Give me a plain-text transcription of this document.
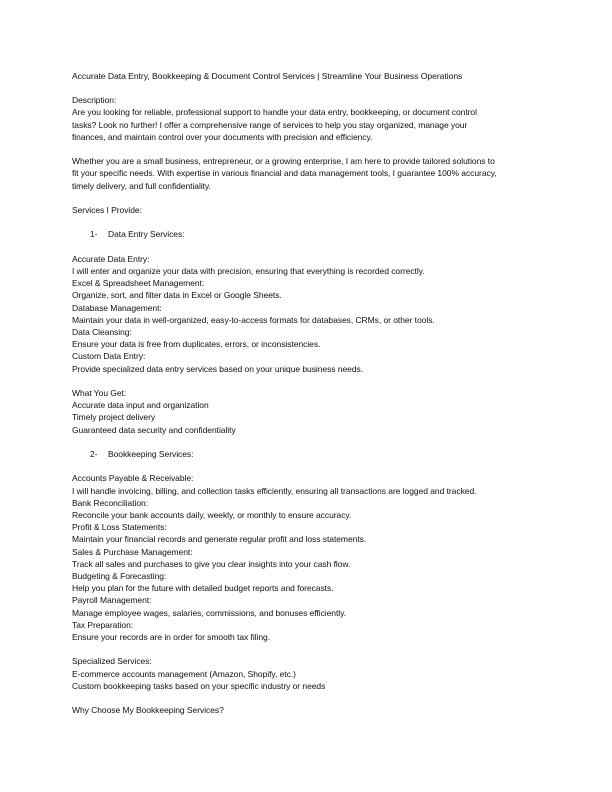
Accurate Data Entry, Bookkeeping & Document Control Services | Streamline Your Business Operations
Description:
Are you looking for reliable, professional support to handle your data entry, bookkeeping, or document control
tasks? Look no further! I offer a comprehensive range of services to help you stay organized, manage your
finances, and maintain control over your documents with precision and efficiency.
Whether you are a small business, entrepreneur, or a growing enterprise, I am here to provide tailored solutions to
fit your specific needs. With expertise in various financial and data management tools, I guarantee 100% accuracy,
timely delivery, and full confidentiality.
Services I Provide:
1-	Data Entry Services:
Accurate Data Entry:
I will enter and organize your data with precision, ensuring that everything is recorded correctly.
Excel & Spreadsheet Management:
Organize, sort, and filter data in Excel or Google Sheets.
Database Management:
Maintain your data in well-organized, easy-to-access formats for databases, CRMs, or other tools.
Data Cleansing:
Ensure your data is free from duplicates, errors, or inconsistencies.
Custom Data Entry:
Provide specialized data entry services based on your unique business needs.
What You Get:
Accurate data input and organization
Timely project delivery
Guaranteed data security and confidentiality
2-	Bookkeeping Services:
Accounts Payable & Receivable:
I will handle invoicing, billing, and collection tasks efficiently, ensuring all transactions are logged and tracked.
Bank Reconciliation:
Reconcile your bank accounts daily, weekly, or monthly to ensure accuracy.
Profit & Loss Statements:
Maintain your financial records and generate regular profit and loss statements.
Sales & Purchase Management:
Track all sales and purchases to give you clear insights into your cash flow.
Budgeting & Forecasting:
Help you plan for the future with detailed budget reports and forecasts.
Payroll Management:
Manage employee wages, salaries, commissions, and bonuses efficiently.
Tax Preparation:
Ensure your records are in order for smooth tax filing.
Specialized Services:
E-commerce accounts management (Amazon, Shopify, etc.)
Custom bookkeeping tasks based on your specific industry or needs
Why Choose My Bookkeeping Services?
